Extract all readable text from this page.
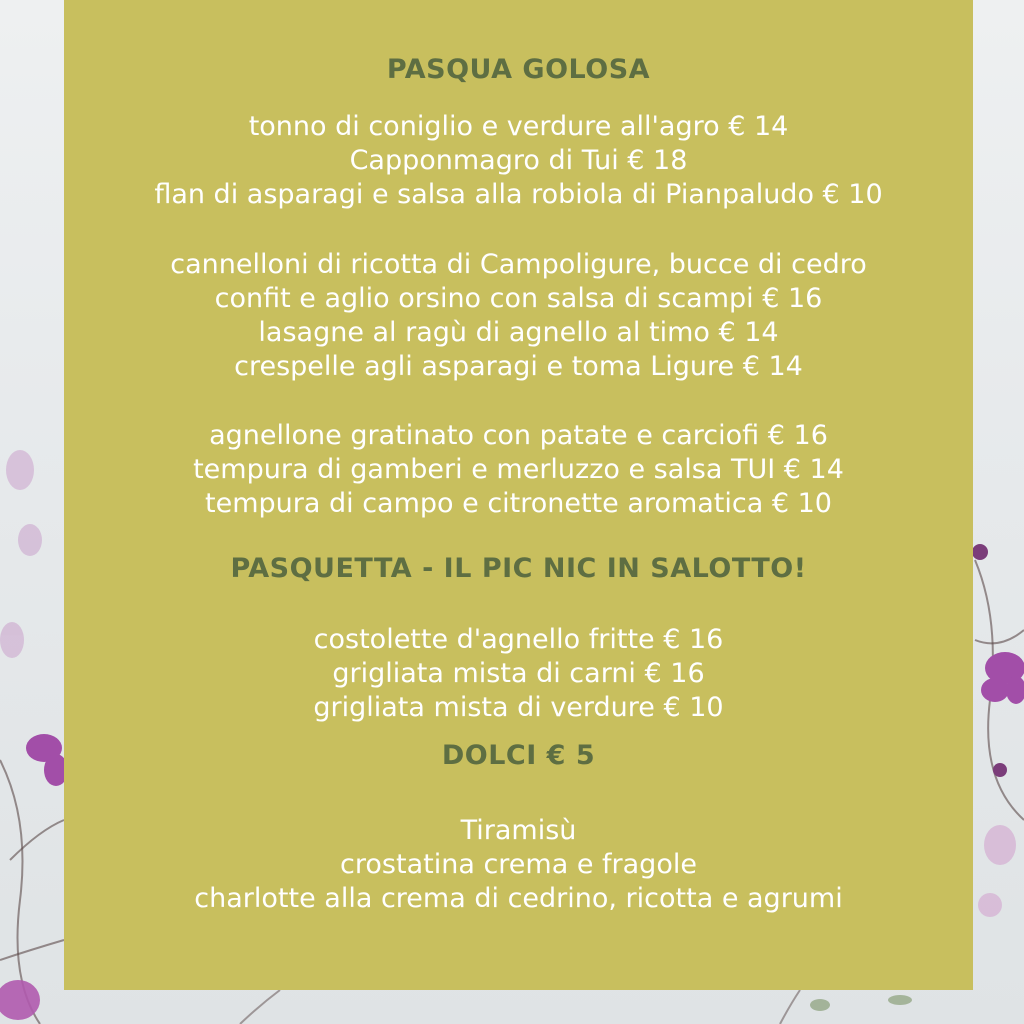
PASQUA GOLOSA
tonno di coniglio e verdure all'agro € 14
Capponmagro di Tui € 18
flan di asparagi e salsa alla robiola di Pianpaludo € 10
cannelloni di ricotta di Campoligure, bucce di cedro
confit e aglio orsino con salsa di scampi € 16
lasagne al ragù di agnello al timo € 14
crespelle agli asparagi e toma Ligure € 14
agnellone gratinato con patate e carciofi € 16
tempura di gamberi e merluzzo e salsa TUI € 14
tempura di campo e citronette aromatica € 10
PASQUETTA - IL PIC NIC IN SALOTTO!
costolette d'agnello fritte € 16
grigliata mista di carni € 16
grigliata mista di verdure € 10
DOLCI € 5
Tiramisù
crostatina crema e fragole
charlotte alla crema di cedrino, ricotta e agrumi
